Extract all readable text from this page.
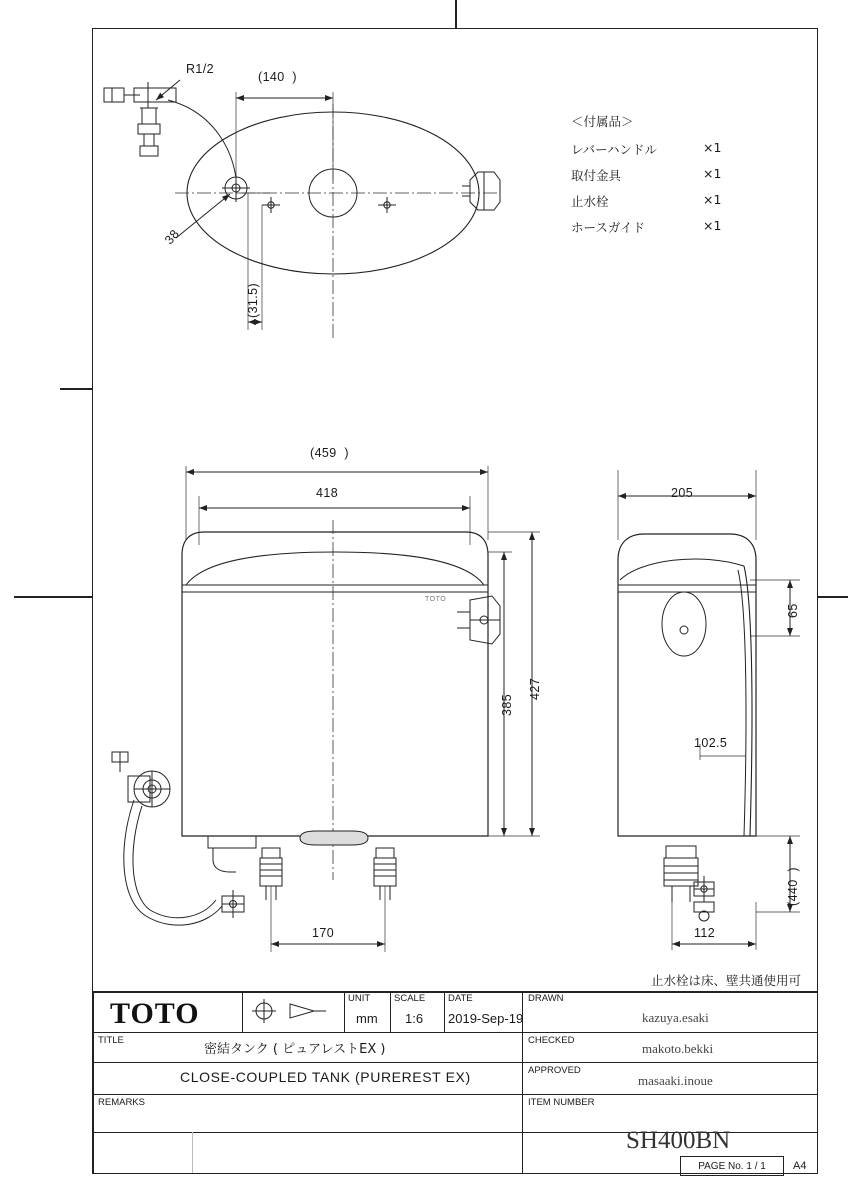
R1/2
(140  )
38
(31.5)
＜付属品＞
レバーハンドル	×1
取付金具	×1
止水栓	×1
ホースガイド	×1
(459  )
418
427
385
170
TOTO
205
65
102.5
(440  )
112
止水栓は床、壁共通使用可
TOTO	UNIT
mm
SCALE
1:6
DATE
2019-Sep-19
TITLE
密結タンク ( ピュアレストEX )
CLOSE-COUPLED TANK (PUREREST EX)
REMARKS
DRAWN
kazuya.esaki
CHECKED
makoto.bekki
APPROVED
masaaki.inoue
ITEM NUMBER
SH400BN
PAGE No. 1 / 1	A4
